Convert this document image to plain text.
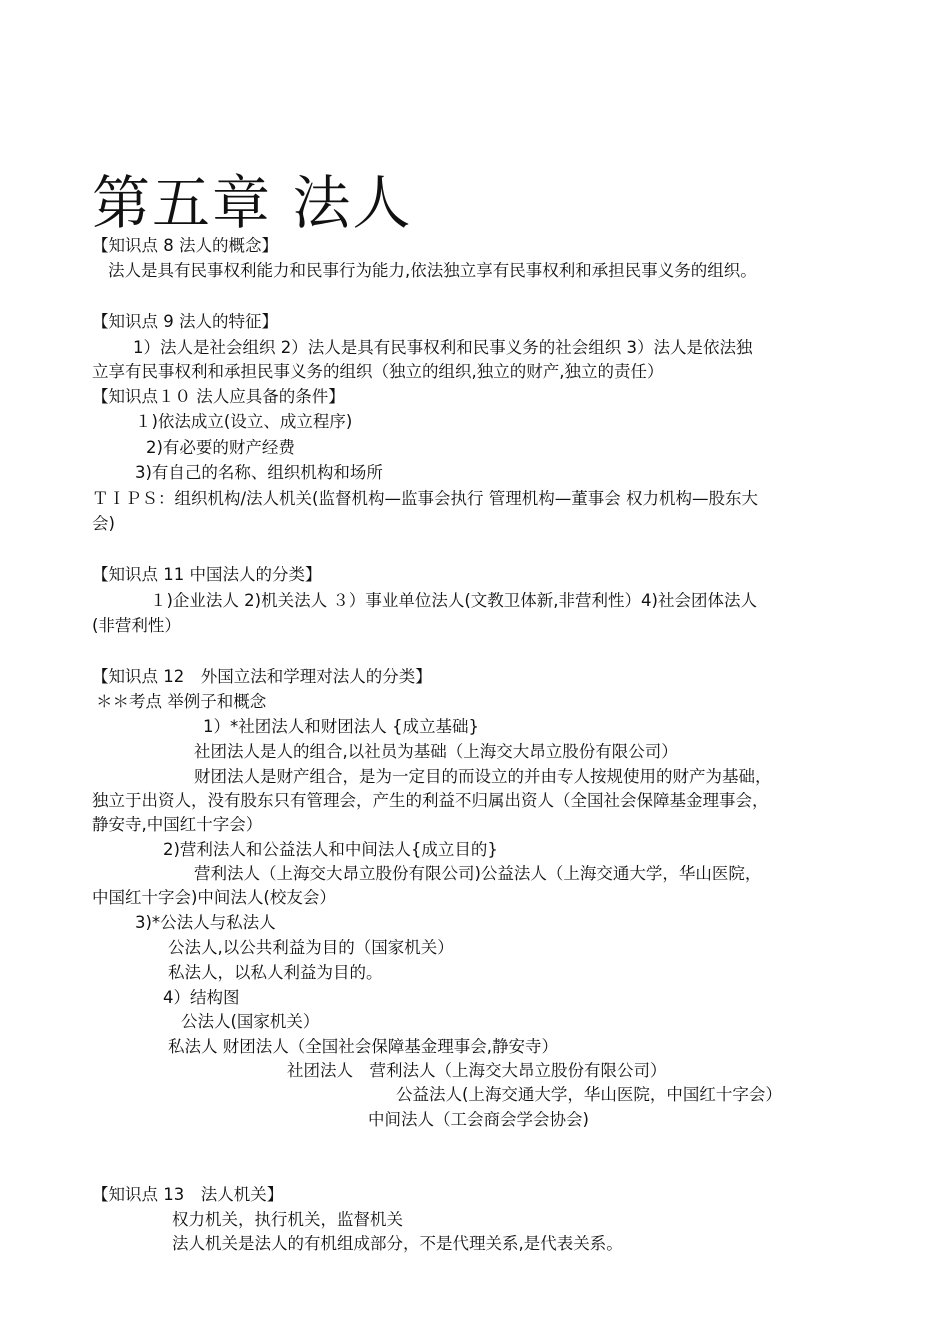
第五章 法人
【知识点 8 法人的概念】
法人是具有民事权利能力和民事行为能力,依法独立享有民事权利和承担民事义务的组织。
【知识点 9 法人的特征】
1）法人是社会组织 2）法人是具有民事权利和民事义务的社会组织 3）法人是依法独
立享有民事权利和承担民事义务的组织（独立的组织,独立的财产,独立的责任）
【知识点１０ 法人应具备的条件】
１)依法成立(设立、成立程序)
2)有必要的财产经费
3)有自己的名称、组织机构和场所
ＴＩＰＳ：组织机构/法人机关(监督机构—监事会执行 管理机构—董事会 权力机构—股东大
会)
【知识点 11 中国法人的分类】
１)企业法人 2)机关法人 ３）事业单位法人(文教卫体新,非营利性）4)社会团体法人
(非营利性）
【知识点 12　外国立法和学理对法人的分类】
＊＊考点 举例子和概念
1）*社团法人和财团法人 {成立基础}
社团法人是人的组合,以社员为基础（上海交大昂立股份有限公司）
财团法人是财产组合，是为一定目的而设立的并由专人按规使用的财产为基础，
独立于出资人，没有股东只有管理会，产生的利益不归属出资人（全国社会保障基金理事会，
静安寺,中国红十字会）
2)营利法人和公益法人和中间法人{成立目的}
营利法人（上海交大昂立股份有限公司)公益法人（上海交通大学，华山医院，
中国红十字会)中间法人(校友会）
3)*公法人与私法人
公法人,以公共利益为目的（国家机关）
私法人，以私人利益为目的。
4）结构图
公法人(国家机关）
私法人 财团法人（全国社会保障基金理事会,静安寺）
社团法人　营利法人（上海交大昂立股份有限公司）
公益法人(上海交通大学，华山医院，中国红十字会）
中间法人（工会商会学会协会)
【知识点 13　法人机关】
权力机关，执行机关，监督机关
法人机关是法人的有机组成部分，不是代理关系,是代表关系。
